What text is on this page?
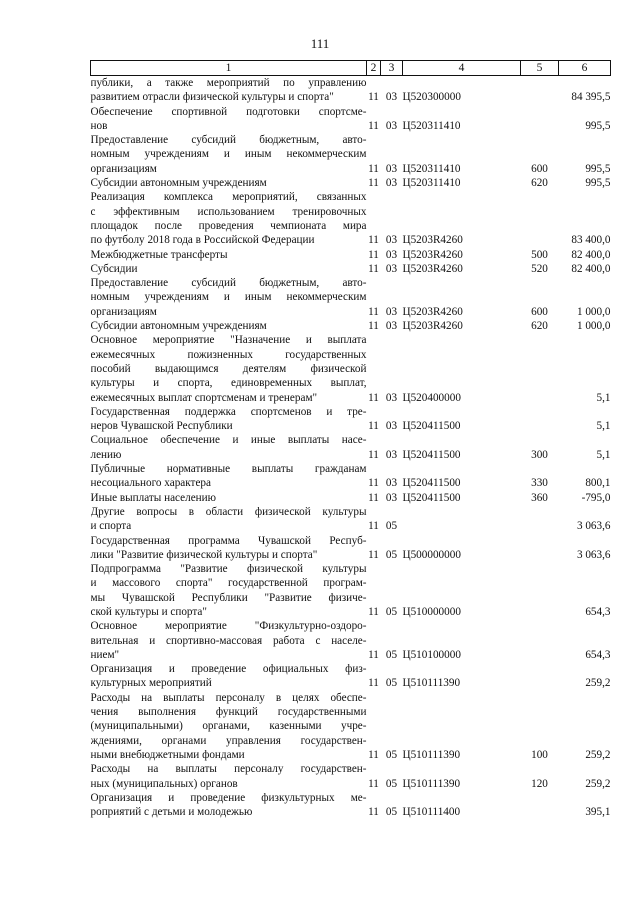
111
1	2	3	4	5	6

публики, а также мероприятий по управлению
развитием отрасли физической культуры и спорта"	11	03	Ц520300000		84 395,5

Обеспечение спортивной подготовки спортсме-
нов	11	03	Ц520311410		995,5

Предоставление субсидий бюджетным, авто-
номным учреждениям и иным некоммерческим
организациям	11	03	Ц520311410	600	995,5

Субсидии автономным учреждениям	11	03	Ц520311410	620	995,5

Реализация комплекса мероприятий, связанных
с эффективным использованием тренировочных
площадок после проведения чемпионата мира
по футболу 2018 года в Российской Федерации	11	03	Ц5203R4260		83 400,0

Межбюджетные трансферты	11	03	Ц5203R4260	500	82 400,0

Субсидии	11	03	Ц5203R4260	520	82 400,0

Предоставление субсидий бюджетным, авто-
номным учреждениям и иным некоммерческим
организациям	11	03	Ц5203R4260	600	1 000,0

Субсидии автономным учреждениям	11	03	Ц5203R4260	620	1 000,0

Основное мероприятие "Назначение и выплата
ежемесячных пожизненных государственных
пособий выдающимся деятелям физической
культуры и спорта, единовременных выплат,
ежемесячных выплат спортсменам и тренерам"	11	03	Ц520400000		5,1

Государственная поддержка спортсменов и тре-
неров Чувашской Республики	11	03	Ц520411500		5,1

Социальное обеспечение и иные выплаты насе-
лению	11	03	Ц520411500	300	5,1

Публичные нормативные выплаты гражданам
несоциального характера	11	03	Ц520411500	330	800,1

Иные выплаты населению	11	03	Ц520411500	360	-795,0

Другие вопросы в области физической культуры
и спорта	11	05			3 063,6

Государственная программа Чувашской Респуб-
лики "Развитие физической культуры и спорта"	11	05	Ц500000000		3 063,6

Подпрограмма "Развитие физической культуры
и массового спорта" государственной програм-
мы Чувашской Республики "Развитие физиче-
ской культуры и спорта"	11	05	Ц510000000		654,3

Основное мероприятие "Физкультурно-оздоро-
вительная и спортивно-массовая работа с населе-
нием"	11	05	Ц510100000		654,3

Организация и проведение официальных физ-
культурных мероприятий	11	05	Ц510111390		259,2

Расходы на выплаты персоналу в целях обеспе-
чения выполнения функций государственными
(муниципальными) органами, казенными учре-
ждениями, органами управления государствен-
ными внебюджетными фондами	11	05	Ц510111390	100	259,2

Расходы на выплаты персоналу государствен-
ных (муниципальных) органов	11	05	Ц510111390	120	259,2

Организация и проведение физкультурных ме-
роприятий с детьми и молодежью	11	05	Ц510111400		395,1
